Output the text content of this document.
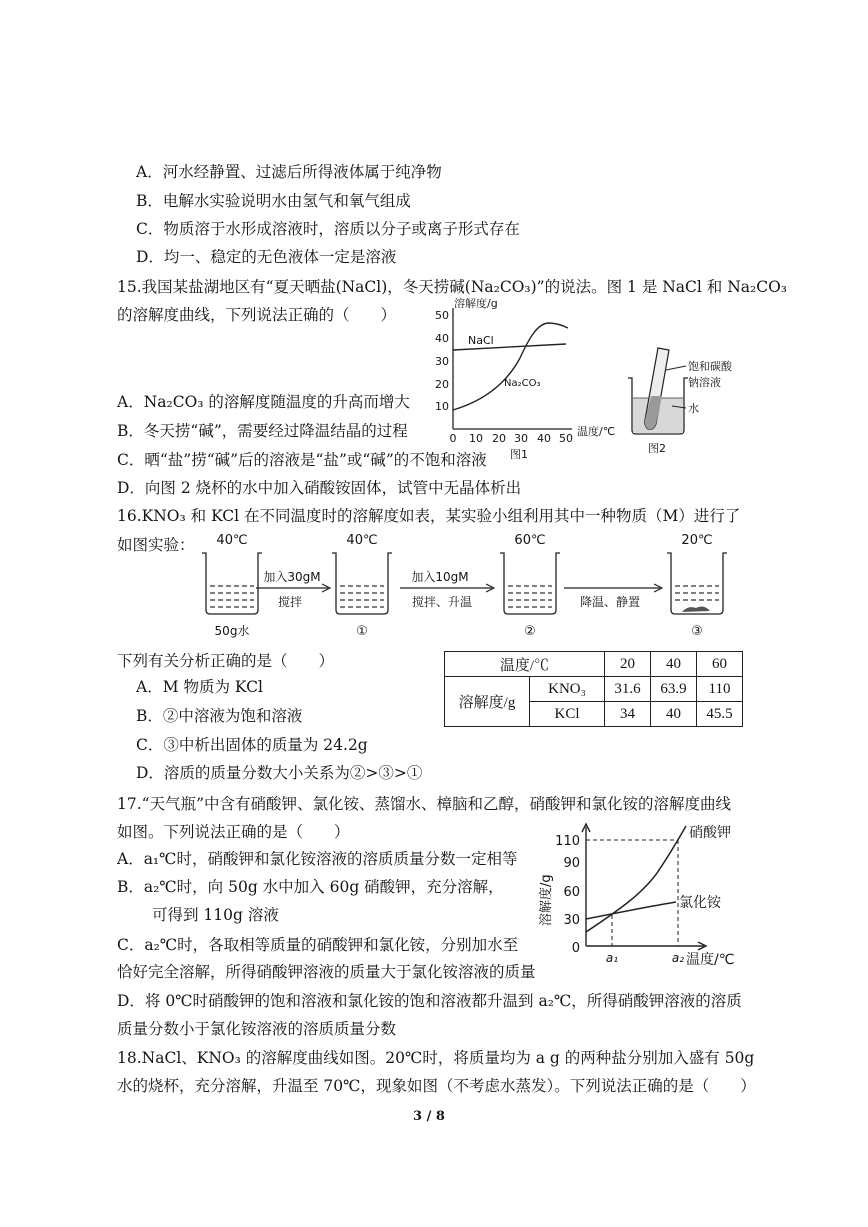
A．河水经静置、过滤后所得液体属于纯净物
B．电解水实验说明水由氢气和氧气组成
C．物质溶于水形成溶液时，溶质以分子或离子形式存在
D．均一、稳定的无色液体一定是溶液
15.我国某盐湖地区有“夏天晒盐(NaCl)，冬天捞碱(Na₂CO₃)”的说法。图 1 是 NaCl 和 Na₂CO₃
的溶解度曲线，下列说法正确的（　　）
A．Na₂CO₃ 的溶解度随温度的升高而增大
B．冬天捞“碱”，需要经过降温结晶的过程
C．晒“盐”捞“碱”后的溶液是“盐”或“碱”的不饱和溶液
D．向图 2 烧杯的水中加入硝酸铵固体，试管中无晶体析出
溶解度/g
50
40
30
20
10
0 10 20 30 40 50
温度/℃
图1
NaCl
Na₂CO₃
饱和碳酸
钠溶液
水
图2
16.KNO₃ 和 KCl 在不同温度时的溶解度如表，某实验小组利用其中一种物质（M）进行了
如图实验： 40℃
50g水
加入30gM
搅拌
40℃
①
加入10gM
搅拌、升温
60℃
②
降温、静置
20℃
③
下列有关分析正确的是（　　）
A．M 物质为 KCl
B．②中溶液为饱和溶液
C．③中析出固体的质量为 24.2g
D．溶质的质量分数大小关系为②>③>①
温度/℃		20	40	60
溶解度/g	KNO₃	31.6	63.9	110
	KCl	34	40	45.5
17.“天气瓶”中含有硝酸钾、氯化铵、蒸馏水、樟脑和乙醇，硝酸钾和氯化铵的溶解度曲线
如图。下列说法正确的是（　　）
A．a₁℃时，硝酸钾和氯化铵溶液的溶质质量分数一定相等
B．a₂℃时，向 50g 水中加入 60g 硝酸钾，充分溶解，
可得到 110g 溶液
C．a₂℃时，各取相等质量的硝酸钾和氯化铵，分别加水至
恰好完全溶解，所得硝酸钾溶液的质量大于氯化铵溶液的质量
D．将 0℃时硝酸钾的饱和溶液和氯化铵的饱和溶液都升温到 a₂℃，所得硝酸钾溶液的溶质
质量分数小于氯化铵溶液的溶质质量分数
溶解度/g
110
90
60
30
0
硝酸钾
氯化铵
a₁	a₂ 温度/℃
18.NaCl、KNO₃ 的溶解度曲线如图。20℃时，将质量均为 a g 的两种盐分别加入盛有 50g
水的烧杯，充分溶解，升温至 70℃，现象如图（不考虑水蒸发）。下列说法正确的是（　　）
3 / 8
